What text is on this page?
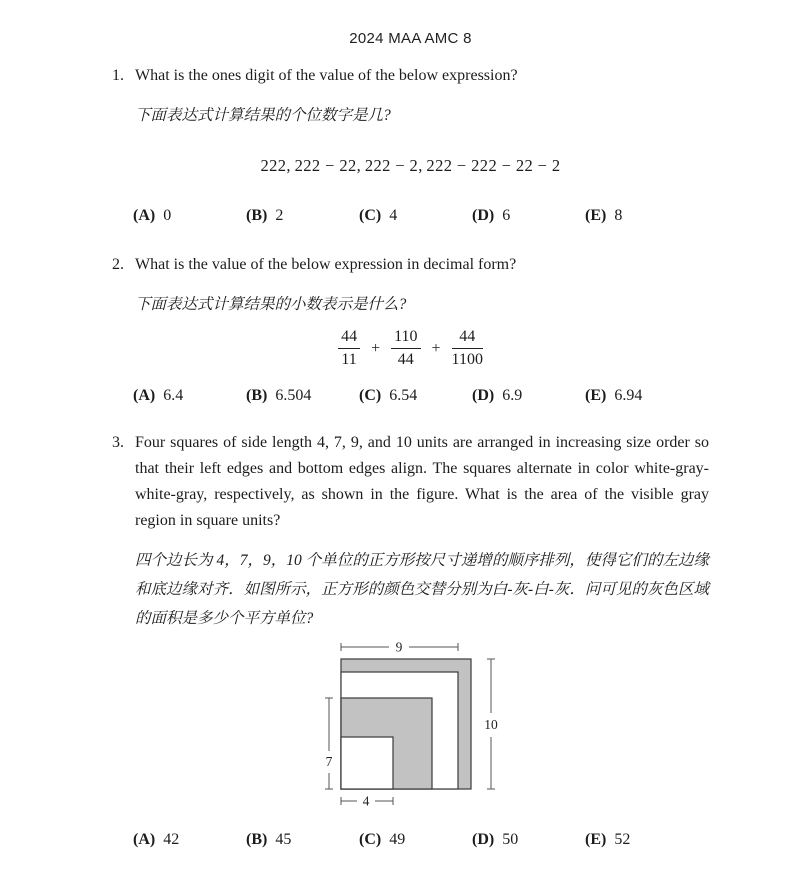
2024 MAA AMC 8
1. What is the ones digit of the value of the below expression?

下面表达式计算结果的个位数字是几?

222, 222 − 22, 222 − 2, 222 − 222 − 22 − 2
(A) 0	(B) 2	(C) 4	(D) 6	(E) 8
2. What is the value of the below expression in decimal form?

下面表达式计算结果的小数表示是什么?

$\frac{44}{11} + \frac{110}{44} + \frac{44}{1100}$
(A) 6.4	(B) 6.504	(C) 6.54	(D) 6.9	(E) 6.94
3. Four squares of side length 4, 7, 9, and 10 units are arranged in increasing size order so that their left edges and bottom edges align. The squares alternate in color white-gray-white-gray, respectively, as shown in the figure. What is the area of the visible gray region in square units?

四个边长为 4，7，9，10 个单位的正方形按尺寸递增的顺序排列，使得它们的左边缘和底边缘对齐．如图所示，正方形的颜色交替分别为白-灰-白-灰．问可见的灰色区域的面积是多少个平方单位?

9
10
7
4
(A) 42	(B) 45	(C) 49	(D) 50	(E) 52
